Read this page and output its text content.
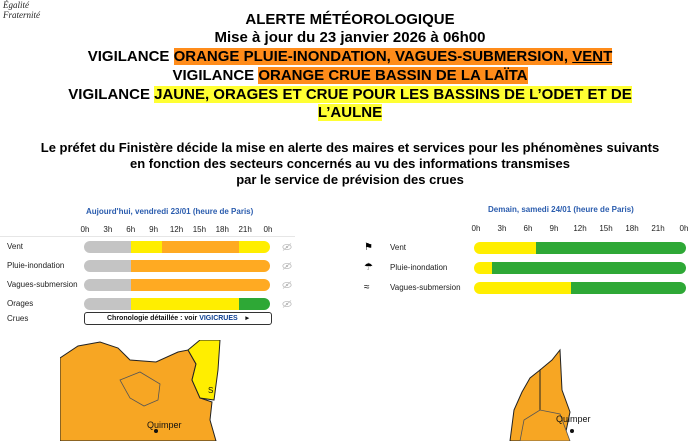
Égalité
Fraternité	ALERTE MÉTÉOROLOGIQUE
Mise à jour du 23 janvier 2026 à 06h00
VIGILANCE ORANGE PLUIE-INONDATION, VAGUES-SUBMERSION, VENT
VIGILANCE ORANGE CRUE BASSIN DE LA LAÏTA
VIGILANCE JAUNE, ORAGES ET CRUE POUR LES BASSINS DE L’ODET ET DE
L’AULNE
Le préfet du Finistère décide la mise en alerte des maires et services pour les phénomènes suivants
en fonction des secteurs concernés au vu des informations transmises
par le service de prévision des crues
Aujourd'hui, vendredi 23/01 (heure de Paris)
0h 3h 6h 9h 12h 15h 18h 21h 0h
Vent
Pluie-inondation
Vagues-submersion
Orages
Crues	Chronologie détaillée : voir VIGICRUES ▸
Demain, samedi 24/01 (heure de Paris)
0h 3h 6h 9h 12h 15h 18h 21h 0h
Vent
⚑
Pluie-inondation
☂
Vagues-submersion
≈
Quimper
S
Quimper
